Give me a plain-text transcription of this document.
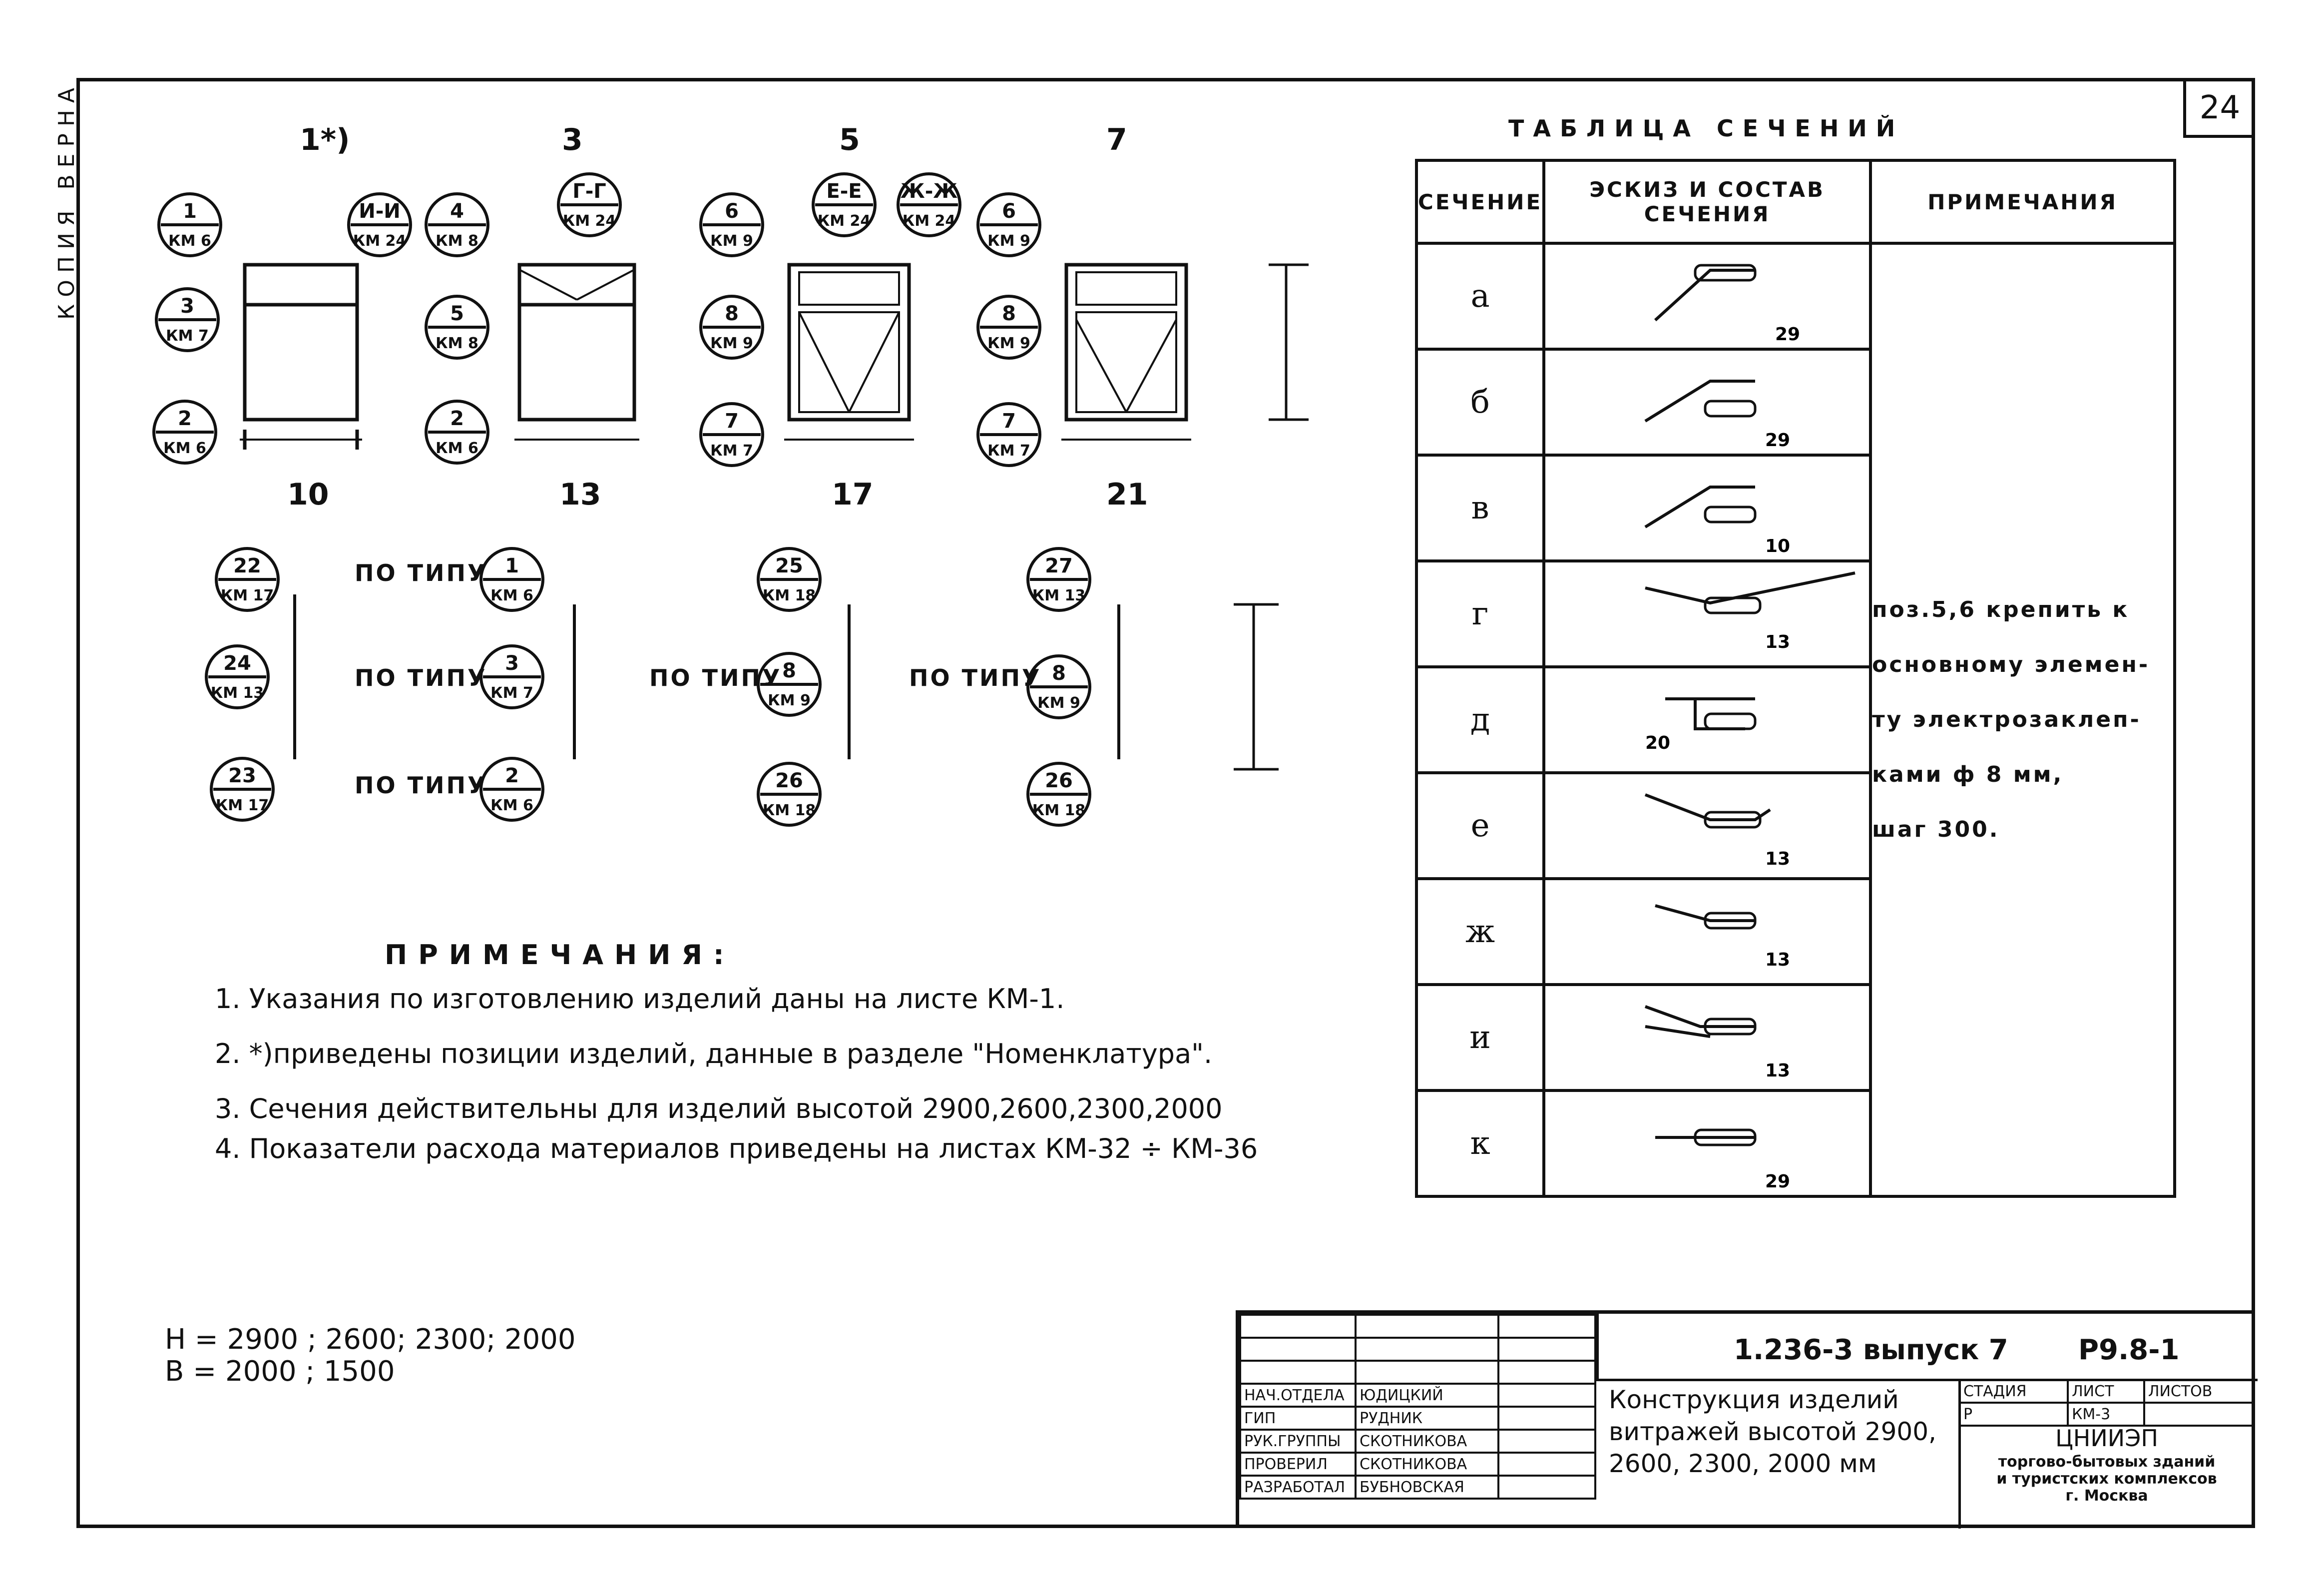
КОПИЯ ВЕРНА	24
1*)	3	5	7
10	13	17	21
1
КМ 6
3
КМ 7
2
КМ 6
И-И
КМ 24
4
КМ 8
Г-Г
КМ 24
5
КМ 8
2
КМ 6
6
КМ 9
Е-Е
КМ 24
Ж-Ж
КМ 24
8
КМ 9
7
КМ 7
6
КМ 9
8
КМ 9
7
КМ 7
22
КМ 17
24
КМ 13
23
КМ 17
1
КМ 6
3
КМ 7
2
КМ 6
25
КМ 18
8
КМ 9
26
КМ 18
27
КМ 13
8
КМ 9
26
КМ 18
ПО ТИПУ
ПО ТИПУ
ПО ТИПУ
ПО ТИПУ	ПО ТИПУ
ТАБЛИЦА СЕЧЕНИЙ
СЕЧЕНИЕ	ЭСКИЗ И СОСТАВ СЕЧЕНИЯ	ПРИМЕЧАНИЯ
а	29	поз.5,6 крепить к
основному элемен-
ту электрозаклеп-
ками ф 8 мм,
шаг 300.

б	29	

в	10	

г	13	

д	20	

е	13	

ж	13	

и	13	

к	29	
ПРИМЕЧАНИЯ:
1. Указания по изготовлению изделий даны на листе КМ-1.
2. *)приведены позиции изделий, данные в разделе "Номенклатура".
3. Сечения действительны для изделий высотой 2900,2600,2300,2000
4. Показатели расхода материалов приведены на листах КМ-32 ÷ КМ-36
Н = 2900 ; 2600; 2300; 2000
В = 2000 ; 1500

НАЧ.ОТДЕЛА	ЮДИЦКИЙ	
ГИП	РУДНИК	
РУК.ГРУППЫ	СКОТНИКОВА	
ПРОВЕРИЛ	СКОТНИКОВА	
РАЗРАБОТАЛ	БУБНОВСКАЯ	
1.236-3 выпуск 7	Р9.8-1
Конструкция изделий
витражей высотой 2900,
2600, 2300, 2000 мм
СТАДИЯ	ЛИСТ	ЛИСТОВ
Р	КМ-3	
ЦНИИЭП
торгово-бытовых зданий
и туристских комплексов
г. Москва
